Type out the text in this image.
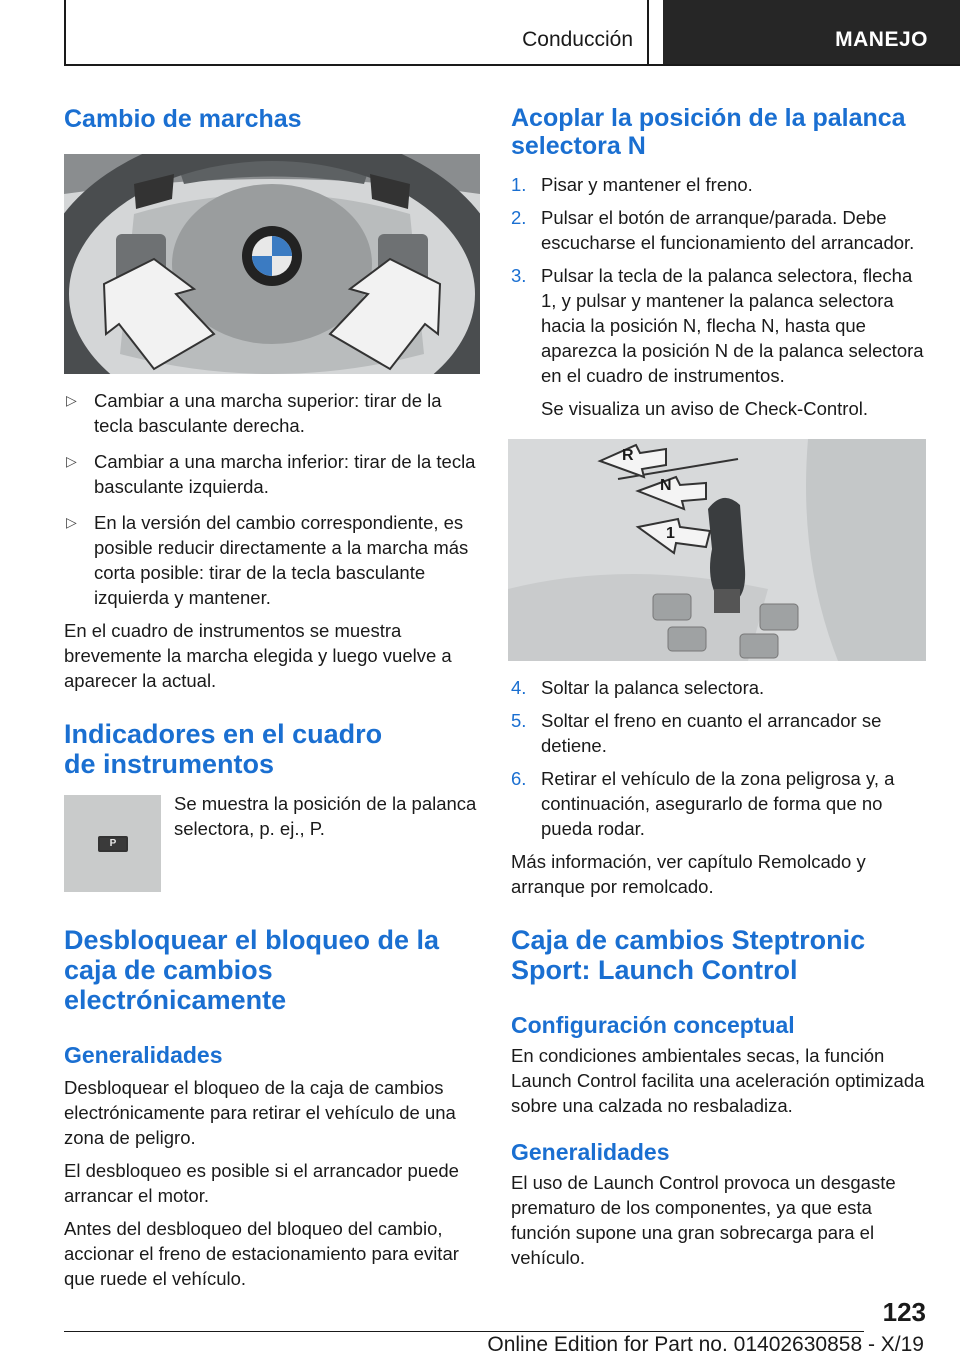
Conducción	MANEJO
Cambio de marchas
▷ Cambiar a una marcha superior: tirar de la tecla basculante derecha.
▷ Cambiar a una marcha inferior: tirar de la tecla basculante izquierda.
▷ En la versión del cambio correspondiente, es posible reducir directamente a la marcha más corta posible: tirar de la tecla basculante izquierda y mantener.

En el cuadro de instrumentos se muestra brevemente la marcha elegida y luego vuelve a aparecer la actual.

Indicadores en el cuadro de instrumentos
P

Se muestra la posición de la palanca selectora, p. ej., P.

Desbloquear el bloqueo de la caja de cambios electrónicamente
Generalidades

Desbloquear el bloqueo de la caja de cambios electrónicamente para retirar el vehículo de una zona de peligro.

El desbloqueo es posible si el arrancador puede arrancar el motor.

Antes del desbloqueo del bloqueo del cambio, accionar el freno de estacionamiento para evitar que ruede el vehículo.

Acoplar la posición de la palanca selectora N
1. Pisar y mantener el freno.
2. Pulsar el botón de arranque/parada. Debe escucharse el funcionamiento del arrancador.
3. Pulsar la tecla de la palanca selectora, flecha 1, y pulsar y mantener la palanca selectora hacia la posición N, flecha N, hasta que aparezca la posición N de la palanca selectora en el cuadro de instrumentos.

Se visualiza un aviso de Check-Control.

R
N
1
4. Soltar la palanca selectora.
5. Soltar el freno en cuanto el arrancador se detiene.
6. Retirar el vehículo de la zona peligrosa y, a continuación, asegurarlo de forma que no pueda rodar.

Más información, ver capítulo Remolcado y arranque por remolcado.

Caja de cambios Steptronic Sport: Launch Control
Configuración conceptual

En condiciones ambientales secas, la función Launch Control facilita una aceleración optimizada sobre una calzada no resbaladiza.

Generalidades

El uso de Launch Control provoca un desgaste prematuro de los componentes, ya que esta función supone una gran sobrecarga para el vehículo.

123
Online Edition for Part no. 01402630858 - X/19
